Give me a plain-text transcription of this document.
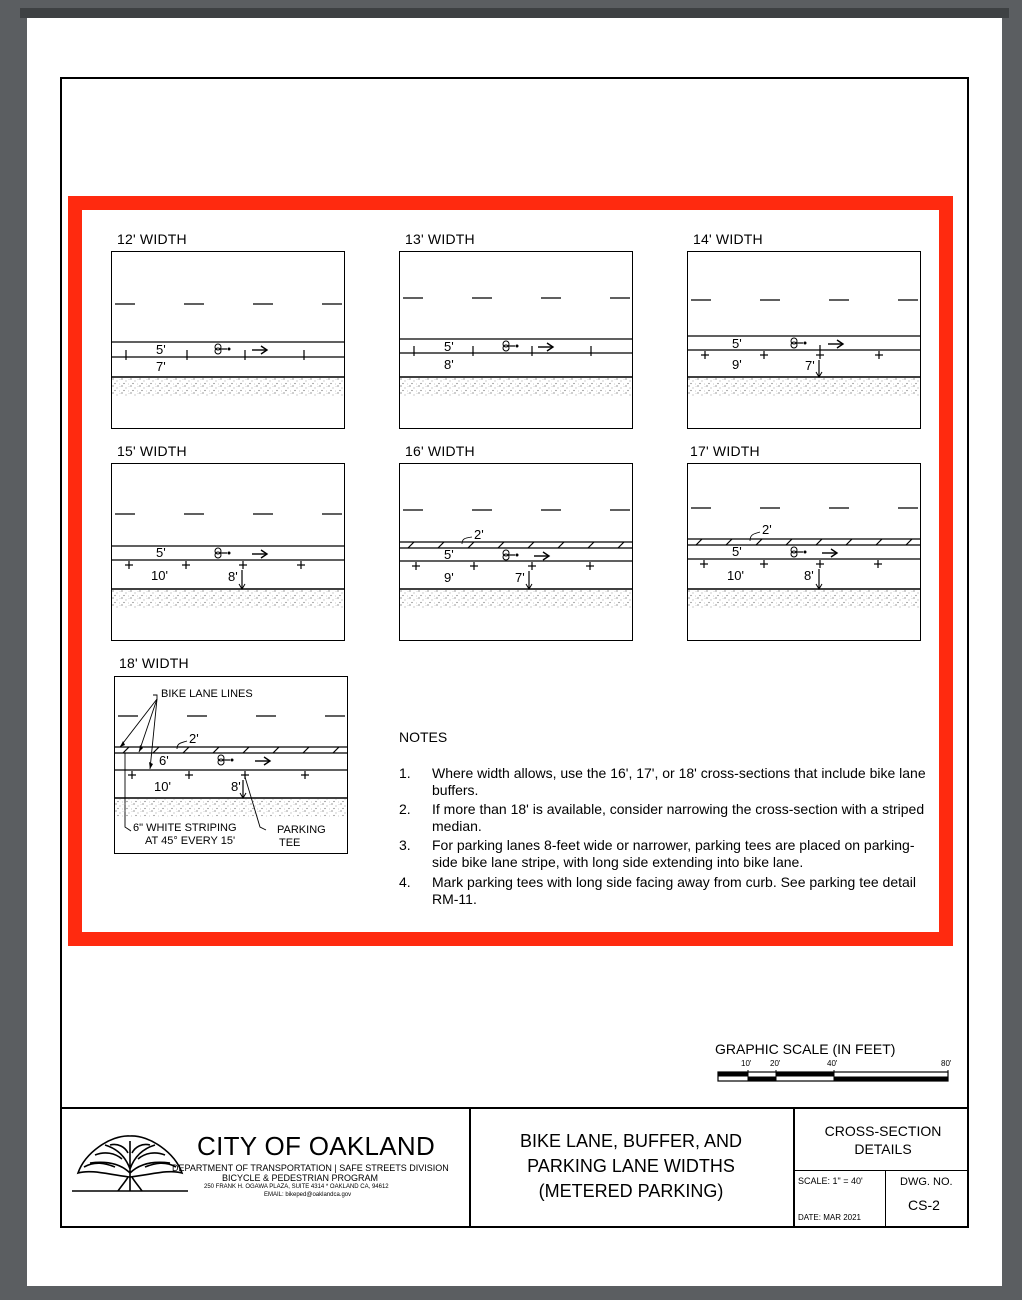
12' WIDTH	13' WIDTH	14' WIDTH
15' WIDTH	16' WIDTH	17' WIDTH
18' WIDTH
5'
7'
5'
8'
5'
9'	7'
5'
10'	8'
2'
5'
9'	7'
2'
5'
10'	8'
BIKE LANE LINES
2'
6'
10'	8'
6" WHITE STRIPING
AT 45° EVERY 15'
PARKING
TEE
NOTES
1. Where width allows, use the 16', 17', or 18' cross-sections that include bike lane buffers.
2. If more than 18' is available, consider narrowing the cross-section with a striped median.
3. For parking lanes 8-feet wide or narrower, parking tees are placed on parking-side bike lane stripe, with long side extending into bike lane.
4. Mark parking tees with long side facing away from curb. See parking tee detail RM-11.
GRAPHIC SCALE (IN FEET)
10' 20'	40'	80'
CITY OF OAKLAND
DEPARTMENT OF TRANSPORTATION | SAFE STREETS DIVISION
BICYCLE & PEDESTRIAN PROGRAM
250 FRANK H. OGAWA PLAZA, SUITE 4314 * OAKLAND CA, 94612
EMAIL: bikeped@oaklandca.gov
BIKE LANE, BUFFER, AND
PARKING LANE WIDTHS
(METERED PARKING)
CROSS-SECTION
DETAILS
SCALE: 1" = 40'	DWG. NO.
CS-2
DATE: MAR 2021
